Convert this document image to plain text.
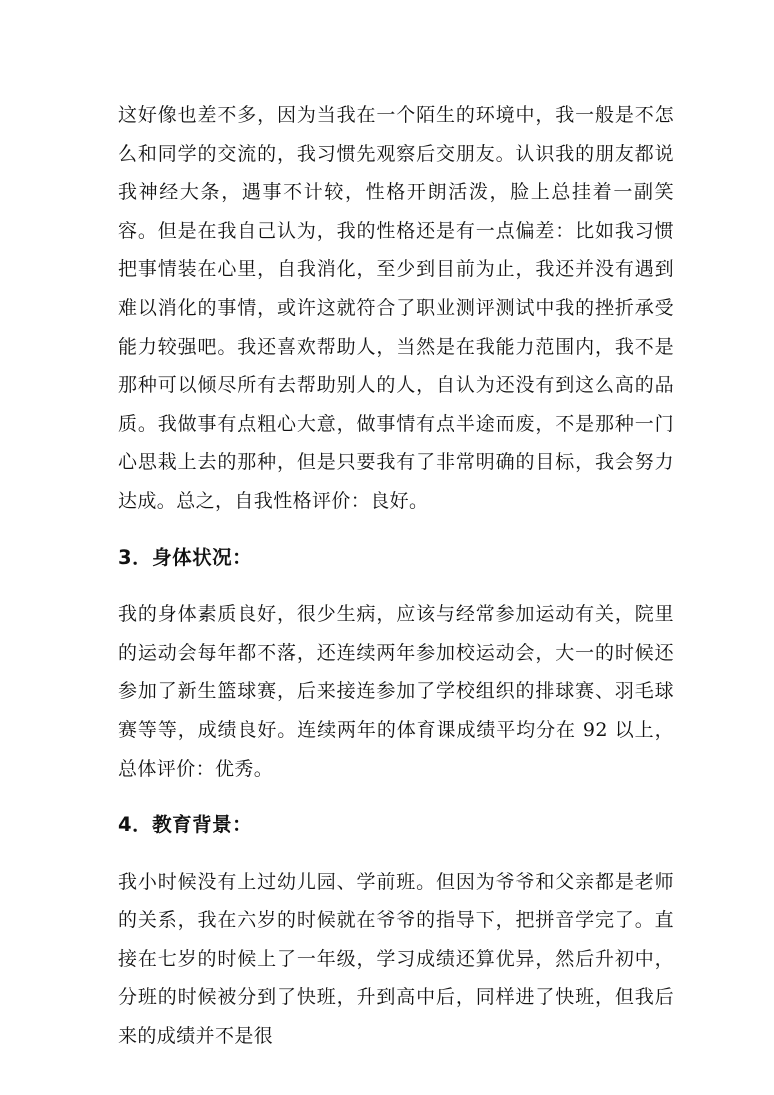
这好像也差不多，因为当我在一个陌生的环境中，我一般是不怎么和同学的交流的，我习惯先观察后交朋友。认识我的朋友都说我神经大条，遇事不计较，性格开朗活泼，脸上总挂着一副笑容。但是在我自己认为，我的性格还是有一点偏差：比如我习惯把事情装在心里，自我消化，至少到目前为止，我还并没有遇到难以消化的事情，或许这就符合了职业测评测试中我的挫折承受能力较强吧。我还喜欢帮助人，当然是在我能力范围内，我不是那种可以倾尽所有去帮助别人的人，自认为还没有到这么高的品质。我做事有点粗心大意，做事情有点半途而废，不是那种一门心思栽上去的那种，但是只要我有了非常明确的目标，我会努力达成。总之，自我性格评价：良好。

3．身体状况：

我的身体素质良好，很少生病，应该与经常参加运动有关，院里的运动会每年都不落，还连续两年参加校运动会，大一的时候还参加了新生篮球赛，后来接连参加了学校组织的排球赛、羽毛球赛等等，成绩良好。连续两年的体育课成绩平均分在 92 以上，总体评价：优秀。

4．教育背景：

我小时候没有上过幼儿园、学前班。但因为爷爷和父亲都是老师的关系，我在六岁的时候就在爷爷的指导下，把拼音学完了。直接在七岁的时候上了一年级，学习成绩还算优异，然后升初中，分班的时候被分到了快班，升到高中后，同样进了快班，但我后来的成绩并不是很
